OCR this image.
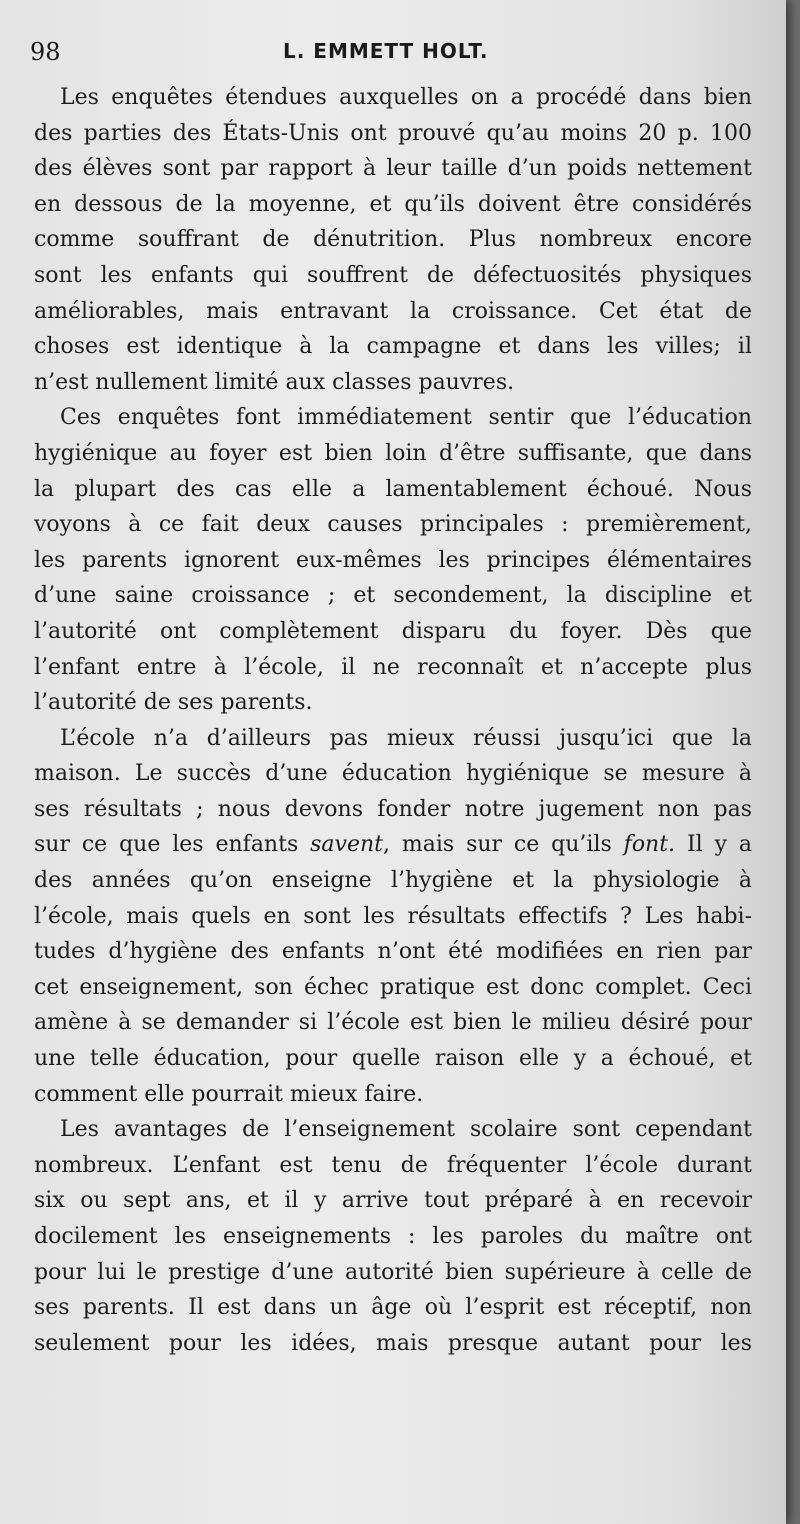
98	L. EMMETT HOLT.
Les enquêtes étendues auxquelles on a procédé dans bien
des parties des États-Unis ont prouvé qu’au moins 20 p. 100
des élèves sont par rapport à leur taille d’un poids nettement
en dessous de la moyenne, et qu’ils doivent être considérés
comme souffrant de dénutrition. Plus nombreux encore
sont les enfants qui souffrent de défectuosités physiques
améliorables, mais entravant la croissance. Cet état de
choses est identique à la campagne et dans les villes; il
n’est nullement limité aux classes pauvres.
Ces enquêtes font immédiatement sentir que l’éducation
hygiénique au foyer est bien loin d’être suffisante, que dans
la plupart des cas elle a lamentablement échoué. Nous
voyons à ce fait deux causes principales : premièrement,
les parents ignorent eux-mêmes les principes élémentaires
d’une saine croissance ; et secondement, la discipline et
l’autorité ont complètement disparu du foyer. Dès que
l’enfant entre à l’école, il ne reconnaît et n’accepte plus
l’autorité de ses parents.
L’école n’a d’ailleurs pas mieux réussi jusqu’ici que la
maison. Le succès d’une éducation hygiénique se mesure à
ses résultats ; nous devons fonder notre jugement non pas
sur ce que les enfants savent, mais sur ce qu’ils font. Il y a
des années qu’on enseigne l’hygiène et la physiologie à
l’école, mais quels en sont les résultats effectifs ? Les habi-
tudes d’hygiène des enfants n’ont été modifiées en rien par
cet enseignement, son échec pratique est donc complet. Ceci
amène à se demander si l’école est bien le milieu désiré pour
une telle éducation, pour quelle raison elle y a échoué, et
comment elle pourrait mieux faire.
Les avantages de l’enseignement scolaire sont cependant
nombreux. L’enfant est tenu de fréquenter l’école durant
six ou sept ans, et il y arrive tout préparé à en recevoir
docilement les enseignements : les paroles du maître ont
pour lui le prestige d’une autorité bien supérieure à celle de
ses parents. Il est dans un âge où l’esprit est réceptif, non
seulement pour les idées, mais presque autant pour les
